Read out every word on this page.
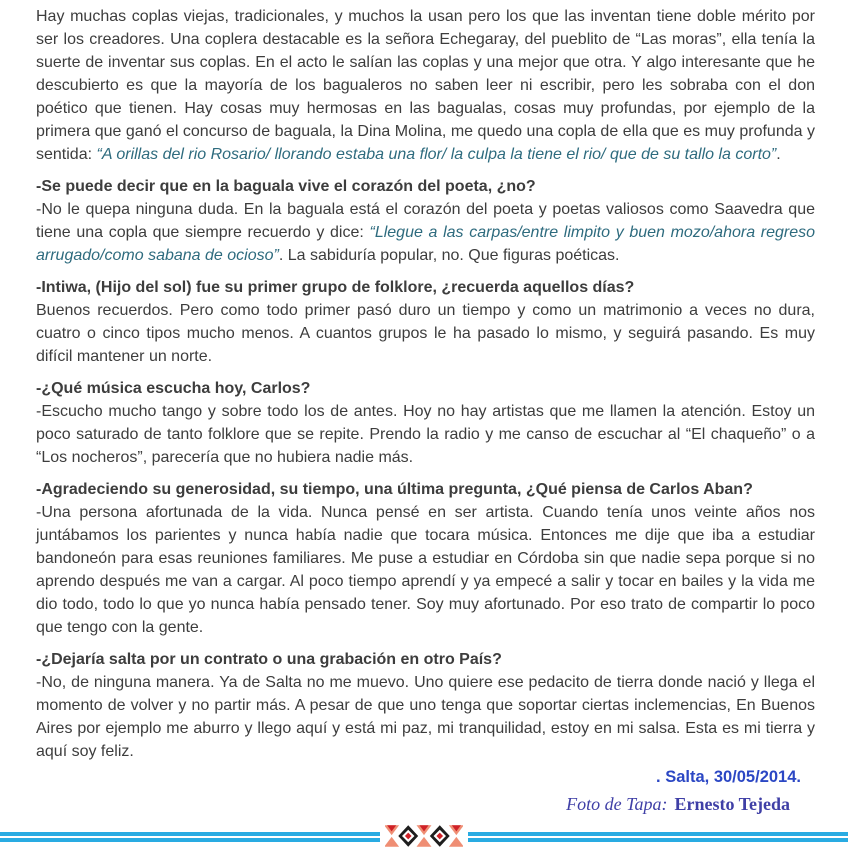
Hay muchas coplas viejas, tradicionales, y muchos la usan pero los que las inventan tiene doble mérito por ser los creadores. Una coplera destacable es la señora Echegaray, del pueblito de “Las moras”, ella tenía la suerte de inventar sus coplas. En el acto le salían las coplas y una mejor que otra. Y algo interesante que he descubierto es que la mayoría de los bagualeros no saben leer ni escribir, pero les sobraba con el don poético que tienen. Hay cosas muy hermosas en las bagualas, cosas muy profundas, por ejemplo de la primera que ganó el concurso de baguala, la Dina Molina, me quedo una copla de ella que es muy profunda y sentida: “A orillas del rio Rosario/ llorando estaba una flor/ la culpa la tiene el rio/ que de su tallo la corto”.

-Se puede decir que en la baguala vive el corazón del poeta, ¿no?

-No le quepa ninguna duda. En la baguala está el corazón del poeta y poetas valiosos como Saavedra que tiene una copla que siempre recuerdo y dice: “Llegue a las carpas/entre limpito y buen mozo/ahora regreso arrugado/como sabana de ocioso”. La sabiduría popular, no. Que figuras poéticas.

-Intiwa, (Hijo del sol) fue su primer grupo de folklore, ¿recuerda aquellos días?

Buenos recuerdos. Pero como todo primer pasó duro un tiempo y como un matrimonio a veces no dura, cuatro o cinco tipos mucho menos. A cuantos grupos le ha pasado lo mismo, y seguirá pasando. Es muy difícil mantener un norte.

-¿Qué música escucha hoy, Carlos?

-Escucho mucho tango y sobre todo los de antes. Hoy no hay artistas que me llamen la atención. Estoy un poco saturado de tanto folklore que se repite. Prendo la radio y me canso de escuchar al “El chaqueño” o a “Los nocheros”, parecería que no hubiera nadie más.

-Agradeciendo su generosidad, su tiempo, una última pregunta, ¿Qué piensa de Carlos Aban?

-Una persona afortunada de la vida. Nunca pensé en ser artista. Cuando tenía unos veinte años nos juntábamos los parientes y nunca había nadie que tocara música. Entonces me dije que iba a estudiar bandoneón para esas reuniones familiares. Me puse a estudiar en Córdoba sin que nadie sepa porque si no aprendo después me van a cargar. Al poco tiempo aprendí y ya empecé a salir y tocar en bailes y la vida me dio todo, todo lo que yo nunca había pensado tener. Soy muy afortunado. Por eso trato de compartir lo poco que tengo con la gente.

-¿Dejaría salta por un contrato o una grabación en otro País?

-No, de ninguna manera. Ya de Salta no me muevo. Uno quiere ese pedacito de tierra donde nació y llega el momento de volver y no partir más. A pesar de que uno tenga que soportar ciertas inclemencias, En Buenos Aires por ejemplo me aburro y llego aquí y está mi paz, mi tranquilidad, estoy en mi salsa. Esta es mi tierra y aquí soy feliz.

. Salta, 30/05/2014.
Foto de Tapa: Ernesto Tejeda
